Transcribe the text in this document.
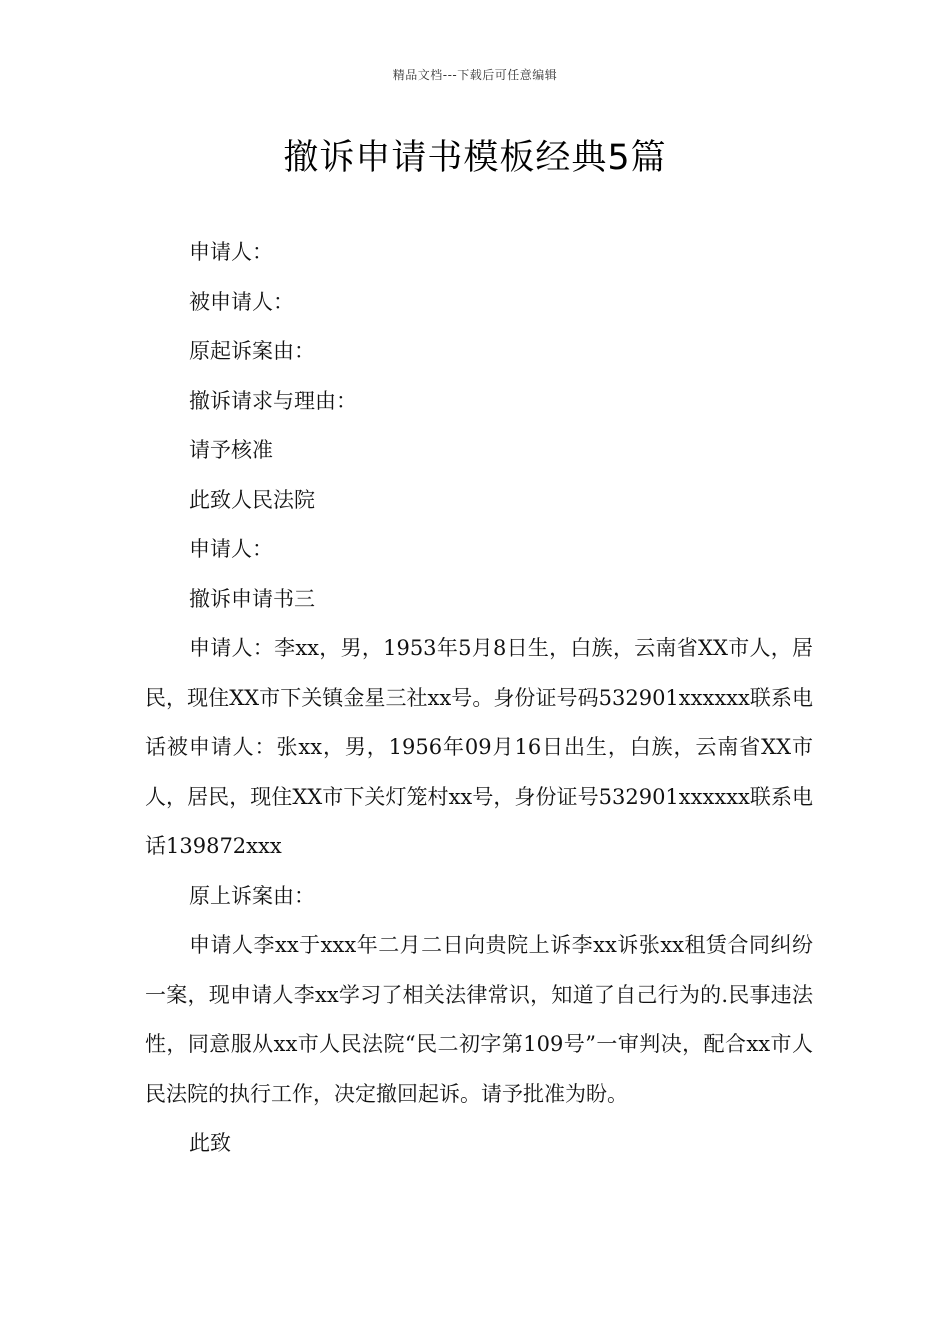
精品文档---下载后可任意编辑
撤诉申请书模板经典5篇

申请人：

被申请人：

原起诉案由：

撤诉请求与理由：

请予核准

此致人民法院

申请人：

撤诉申请书三

申请人：李xx，男，1953年5月8日生，白族，云南省XX市人，居民，现住XX市下关镇金星三社xx号。身份证号码532901xxxxxx联系电话被申请人：张xx，男，1956年09月16日出生，白族，云南省XX市人，居民，现住XX市下关灯笼村xx号，身份证号532901xxxxxx联系电话139872xxx

原上诉案由：

申请人李xx于xxx年二月二日向贵院上诉李xx诉张xx租赁合同纠纷一案，现申请人李xx学习了相关法律常识，知道了自己行为的.民事违法性，同意服从xx市人民法院“民二初字第109号”一审判决，配合xx市人民法院的执行工作，决定撤回起诉。请予批准为盼。

此致
